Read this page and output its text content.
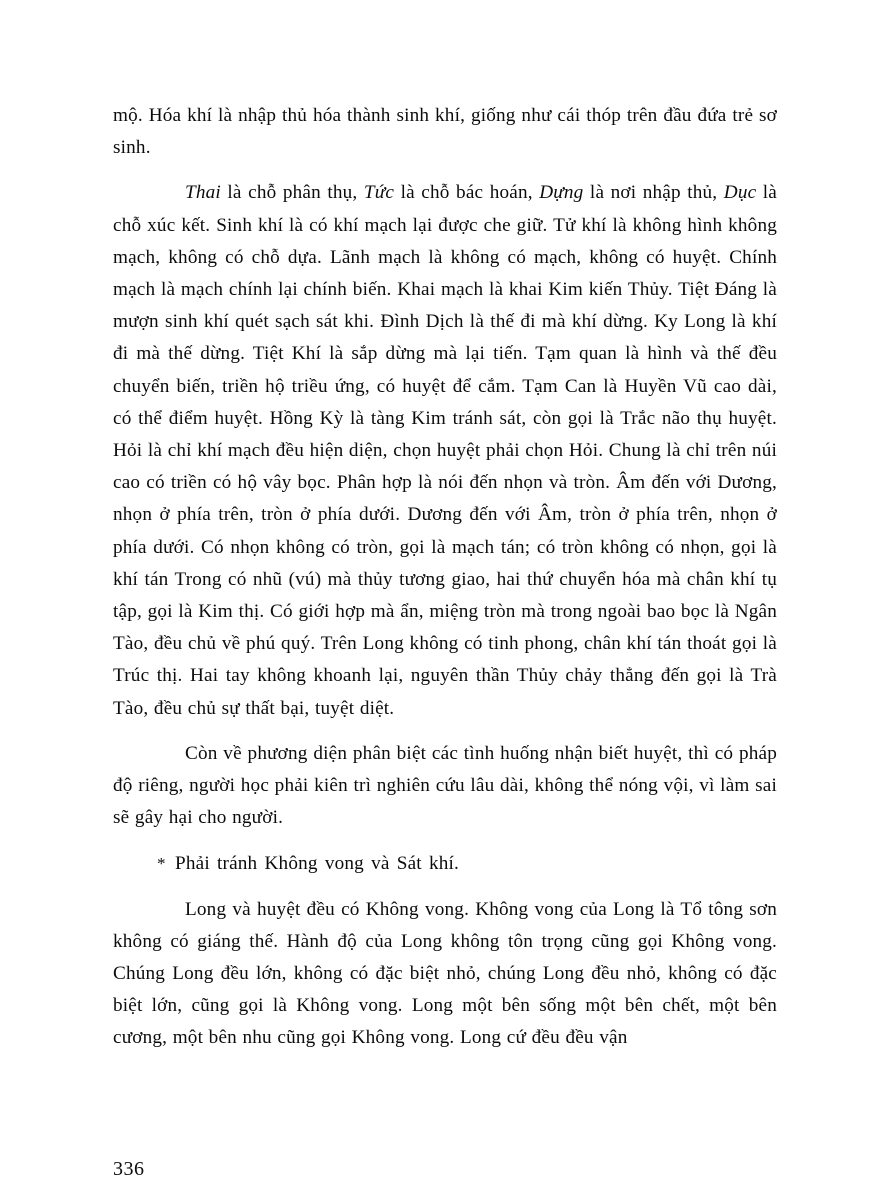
mộ. Hóa khí là nhập thủ hóa thành sinh khí, giống như cái thóp trên đầu đứa trẻ sơ sinh.

Thai là chỗ phân thụ, Tức là chỗ bác hoán, Dựng là nơi nhập thủ, Dục là chỗ xúc kết. Sinh khí là có khí mạch lại được che giữ. Tử khí là không hình không mạch, không có chỗ dựa. Lãnh mạch là không có mạch, không có huyệt. Chính mạch là mạch chính lại chính biến. Khai mạch là khai Kim kiến Thủy. Tiệt Đáng là mượn sinh khí quét sạch sát khi. Đình Dịch là thế đi mà khí dừng. Ky Long là khí đi mà thế dừng. Tiệt Khí là sắp dừng mà lại tiến. Tạm quan là hình và thế đều chuyển biến, triền hộ triều ứng, có huyệt để cắm. Tạm Can là Huyền Vũ cao dài, có thể điểm huyệt. Hồng Kỳ là tàng Kim tránh sát, còn gọi là Trắc não thụ huyệt. Hỏi là chỉ khí mạch đều hiện diện, chọn huyệt phải chọn Hỏi. Chung là chỉ trên núi cao có triền có hộ vây bọc. Phân hợp là nói đến nhọn và tròn. Âm đến với Dương, nhọn ở phía trên, tròn ở phía dưới. Dương đến với Âm, tròn ở phía trên, nhọn ở phía dưới. Có nhọn không có tròn, gọi là mạch tán; có tròn không có nhọn, gọi là khí tán Trong có nhũ (vú) mà thủy tương giao, hai thứ chuyển hóa mà chân khí tụ tập, gọi là Kim thị. Có giới hợp mà ẩn, miệng tròn mà trong ngoài bao bọc là Ngân Tào, đều chủ về phú quý. Trên Long không có tinh phong, chân khí tán thoát gọi là Trúc thị. Hai tay không khoanh lại, nguyên thần Thủy chảy thẳng đến gọi là Trà Tào, đều chủ sự thất bại, tuyệt diệt.

Còn về phương diện phân biệt các tình huống nhận biết huyệt, thì có pháp độ riêng, người học phải kiên trì nghiên cứu lâu dài, không thể nóng vội, vì làm sai sẽ gây hại cho người.

* Phải tránh Không vong và Sát khí.

Long và huyệt đều có Không vong. Không vong của Long là Tổ tông sơn không có giáng thế. Hành độ của Long không tôn trọng cũng gọi Không vong. Chúng Long đều lớn, không có đặc biệt nhỏ, chúng Long đều nhỏ, không có đặc biệt lớn, cũng gọi là Không vong. Long một bên sống một bên chết, một bên cương, một bên nhu cũng gọi Không vong. Long cứ đều đều vận

336
